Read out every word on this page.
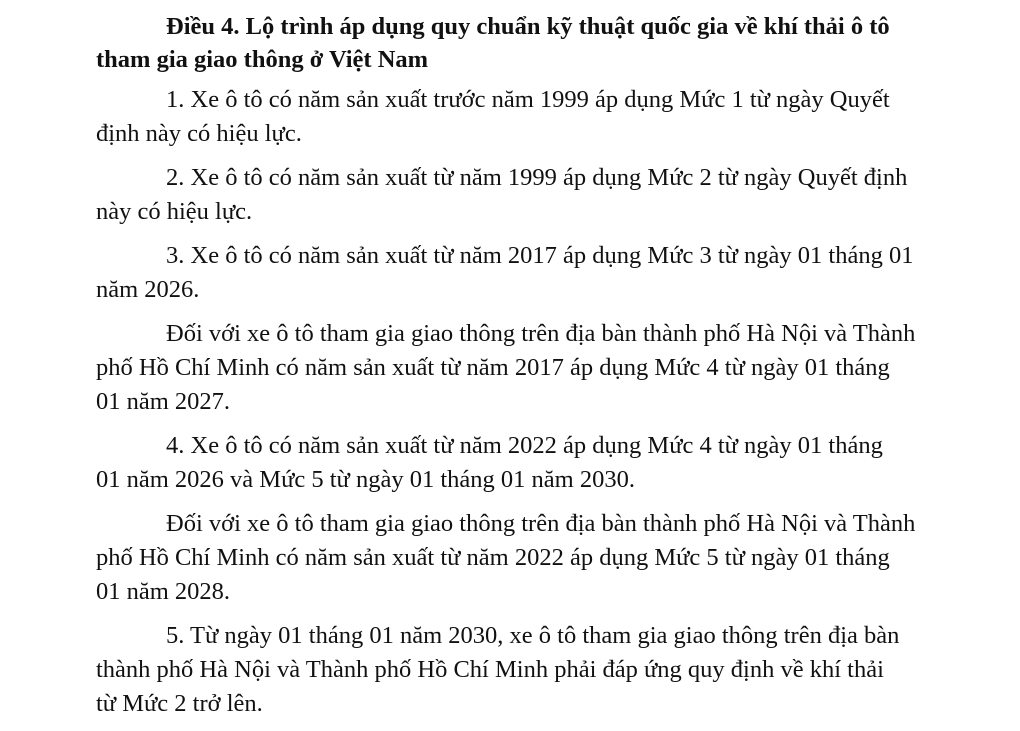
Điều 4. Lộ trình áp dụng quy chuẩn kỹ thuật quốc gia về khí thải ô tô
tham gia giao thông ở Việt Nam

1. Xe ô tô có năm sản xuất trước năm 1999 áp dụng Mức 1 từ ngày Quyết
định này có hiệu lực.

2. Xe ô tô có năm sản xuất từ năm 1999 áp dụng Mức 2 từ ngày Quyết định
này có hiệu lực.

3. Xe ô tô có năm sản xuất từ năm 2017 áp dụng Mức 3 từ ngày 01 tháng 01
năm 2026.

Đối với xe ô tô tham gia giao thông trên địa bàn thành phố Hà Nội và Thành
phố Hồ Chí Minh có năm sản xuất từ năm 2017 áp dụng Mức 4 từ ngày 01 tháng
01 năm 2027.

4. Xe ô tô có năm sản xuất từ năm 2022 áp dụng Mức 4 từ ngày 01 tháng
01 năm 2026 và Mức 5 từ ngày 01 tháng 01 năm 2030.

Đối với xe ô tô tham gia giao thông trên địa bàn thành phố Hà Nội và Thành
phố Hồ Chí Minh có năm sản xuất từ năm 2022 áp dụng Mức 5 từ ngày 01 tháng
01 năm 2028.

5. Từ ngày 01 tháng 01 năm 2030, xe ô tô tham gia giao thông trên địa bàn
thành phố Hà Nội và Thành phố Hồ Chí Minh phải đáp ứng quy định về khí thải
từ Mức 2 trở lên.
